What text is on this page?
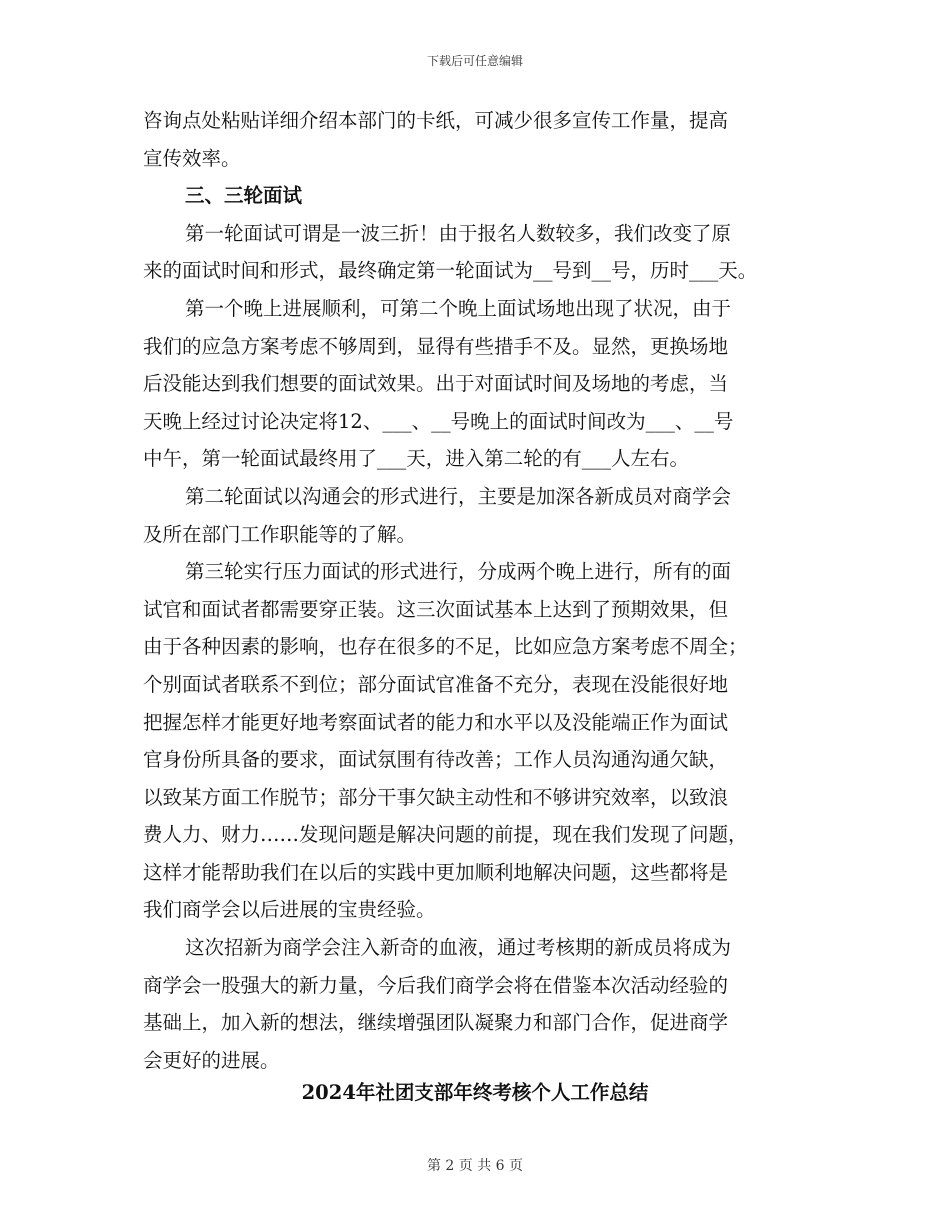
下载后可任意编辑
咨询点处粘贴详细介绍本部门的卡纸，可减少很多宣传工作量，提高
宣传效率。
三、三轮面试
第一轮面试可谓是一波三折！由于报名人数较多，我们改变了原
来的面试时间和形式，最终确定第一轮面试为__号到__号，历时___天。
第一个晚上进展顺利，可第二个晚上面试场地出现了状况，由于
我们的应急方案考虑不够周到，显得有些措手不及。显然，更换场地
后没能达到我们想要的面试效果。出于对面试时间及场地的考虑，当
天晚上经过讨论决定将12、___、__号晚上的面试时间改为___、__号
中午，第一轮面试最终用了___天，进入第二轮的有___人左右。
第二轮面试以沟通会的形式进行，主要是加深各新成员对商学会
及所在部门工作职能等的了解。
第三轮实行压力面试的形式进行，分成两个晚上进行，所有的面
试官和面试者都需要穿正装。这三次面试基本上达到了预期效果，但
由于各种因素的影响，也存在很多的不足，比如应急方案考虑不周全；
个别面试者联系不到位；部分面试官准备不充分，表现在没能很好地
把握怎样才能更好地考察面试者的能力和水平以及没能端正作为面试
官身份所具备的要求，面试氛围有待改善；工作人员沟通沟通欠缺，
以致某方面工作脱节；部分干事欠缺主动性和不够讲究效率，以致浪
费人力、财力……发现问题是解决问题的前提，现在我们发现了问题，
这样才能帮助我们在以后的实践中更加顺利地解决问题，这些都将是
我们商学会以后进展的宝贵经验。
这次招新为商学会注入新奇的血液，通过考核期的新成员将成为
商学会一股强大的新力量，今后我们商学会将在借鉴本次活动经验的
基础上，加入新的想法，继续增强团队凝聚力和部门合作，促进商学
会更好的进展。
2024年社团支部年终考核个人工作总结
第 2 页 共 6 页
